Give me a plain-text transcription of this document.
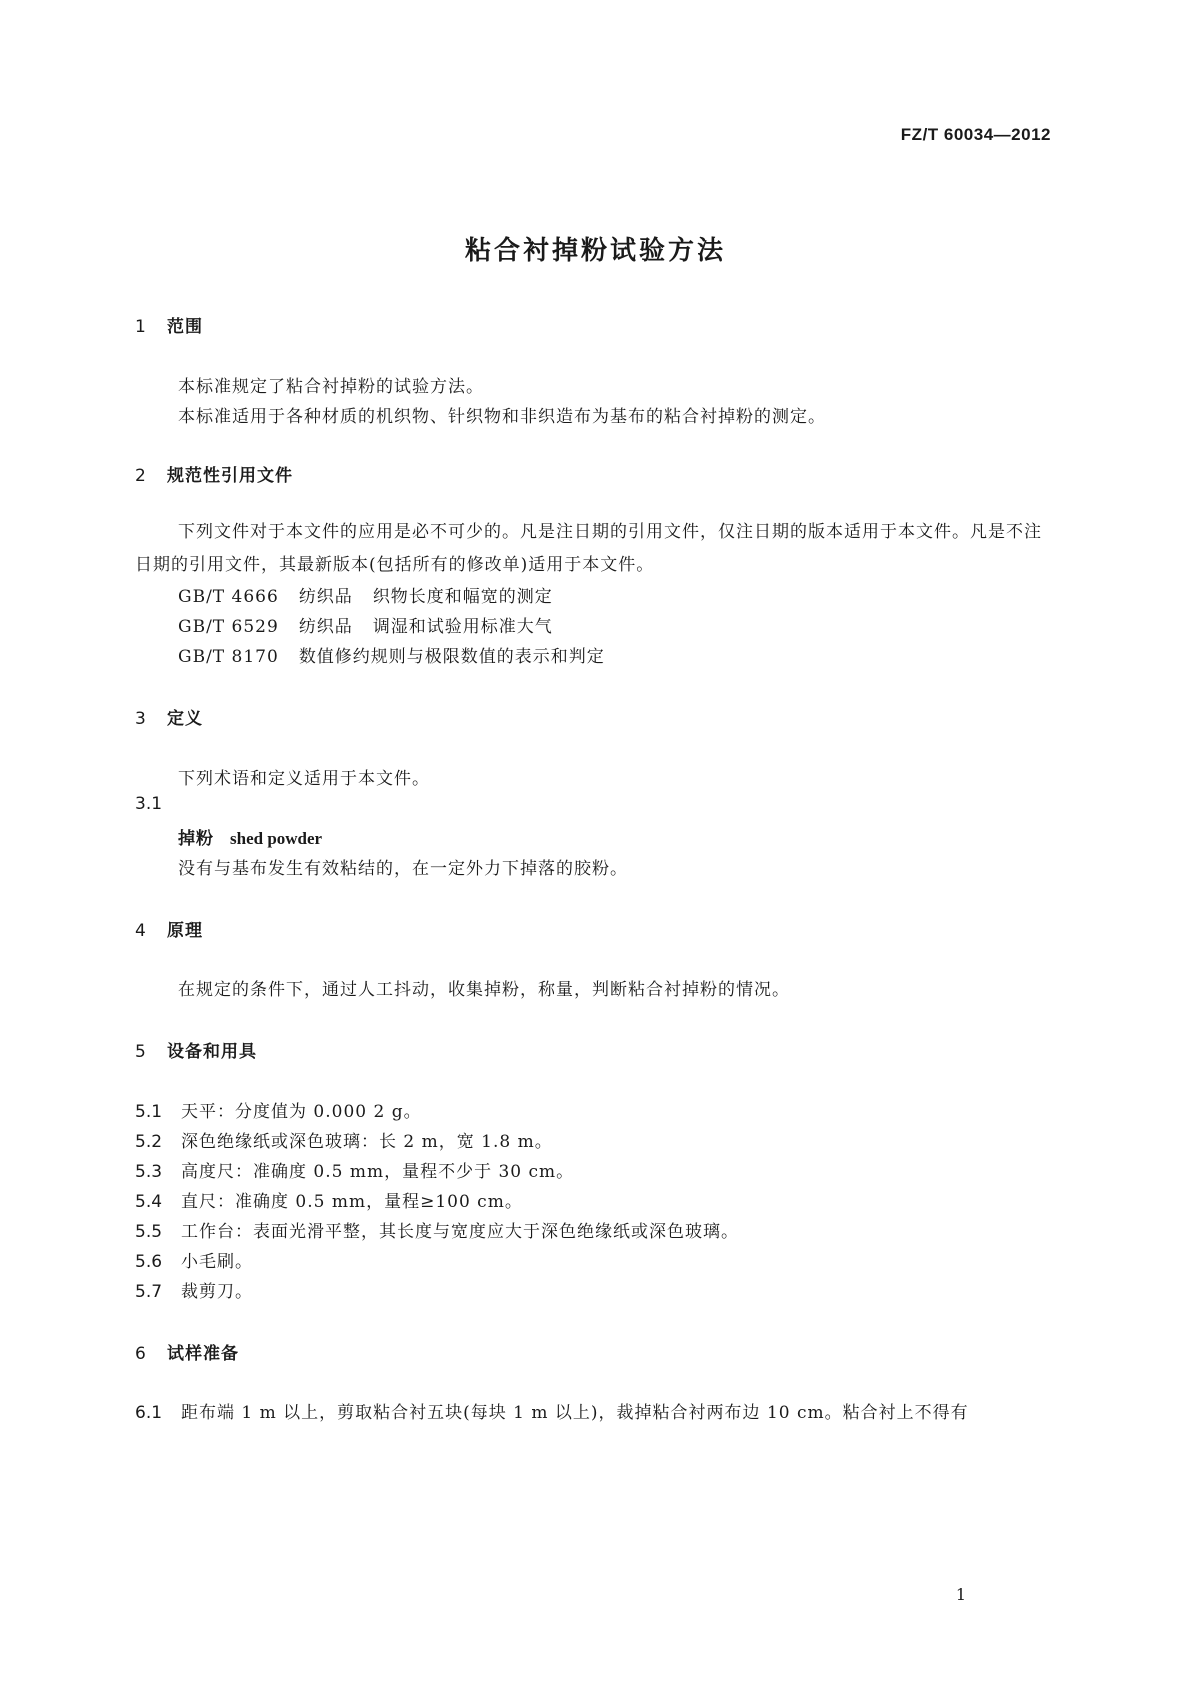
FZ/T 60034—2012
粘合衬掉粉试验方法
1 范围
本标准规定了粘合衬掉粉的试验方法。
本标准适用于各种材质的机织物、针织物和非织造布为基布的粘合衬掉粉的测定。
2 规范性引用文件
下列文件对于本文件的应用是必不可少的。凡是注日期的引用文件，仅注日期的版本适用于本文件。凡是不注日期的引用文件，其最新版本(包括所有的修改单)适用于本文件。
GB/T 4666 纺织品 织物长度和幅宽的测定
GB/T 6529 纺织品 调湿和试验用标准大气
GB/T 8170 数值修约规则与极限数值的表示和判定
3 定义
下列术语和定义适用于本文件。
3.1
掉粉 shed powder
没有与基布发生有效粘结的，在一定外力下掉落的胶粉。
4 原理
在规定的条件下，通过人工抖动，收集掉粉，称量，判断粘合衬掉粉的情况。
5 设备和用具
5.1 天平：分度值为 0.000 2 g。
5.2 深色绝缘纸或深色玻璃：长 2 m，宽 1.8 m。
5.3 高度尺：准确度 0.5 mm，量程不少于 30 cm。
5.4 直尺：准确度 0.5 mm，量程≥100 cm。
5.5 工作台：表面光滑平整，其长度与宽度应大于深色绝缘纸或深色玻璃。
5.6 小毛刷。
5.7 裁剪刀。
6 试样准备
6.1 距布端 1 m 以上，剪取粘合衬五块(每块 1 m 以上)，裁掉粘合衬两布边 10 cm。粘合衬上不得有
1
